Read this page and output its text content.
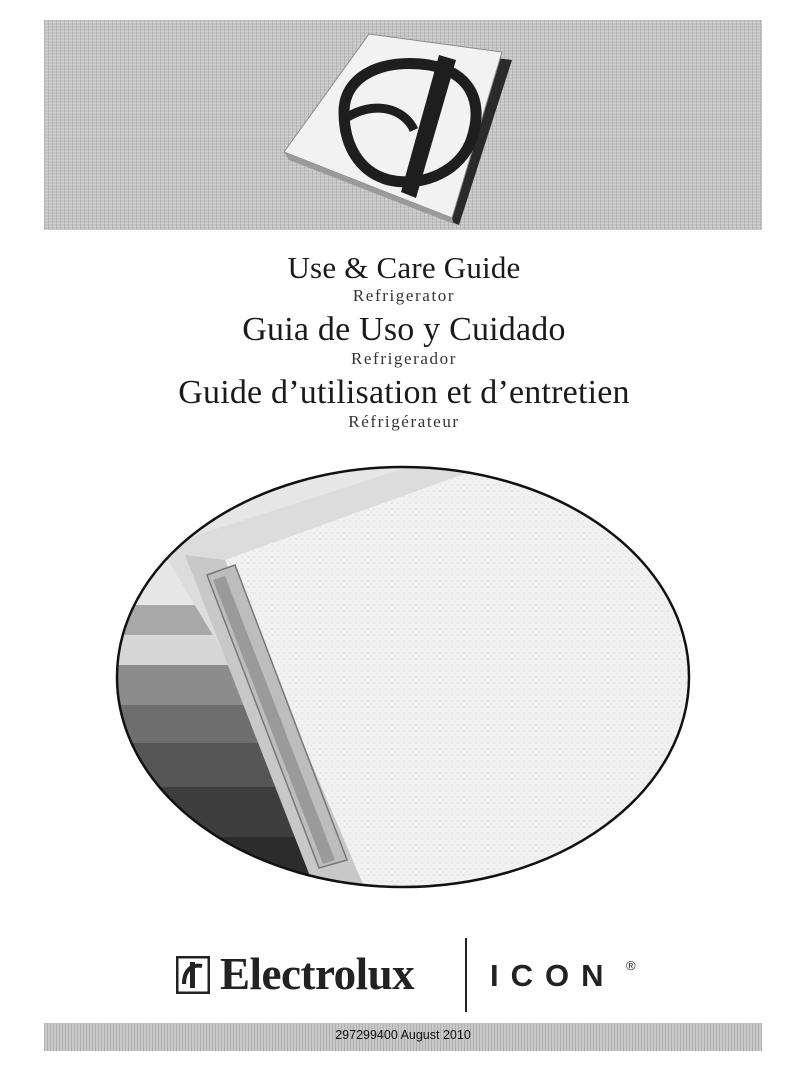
Use & Care Guide
Refrigerator
Guia de Uso y Cuidado
Refrigerador
Guide d’utilisation et d’entretien
Réfrigérateur
Electrolux ICON ®
297299400 August 2010
